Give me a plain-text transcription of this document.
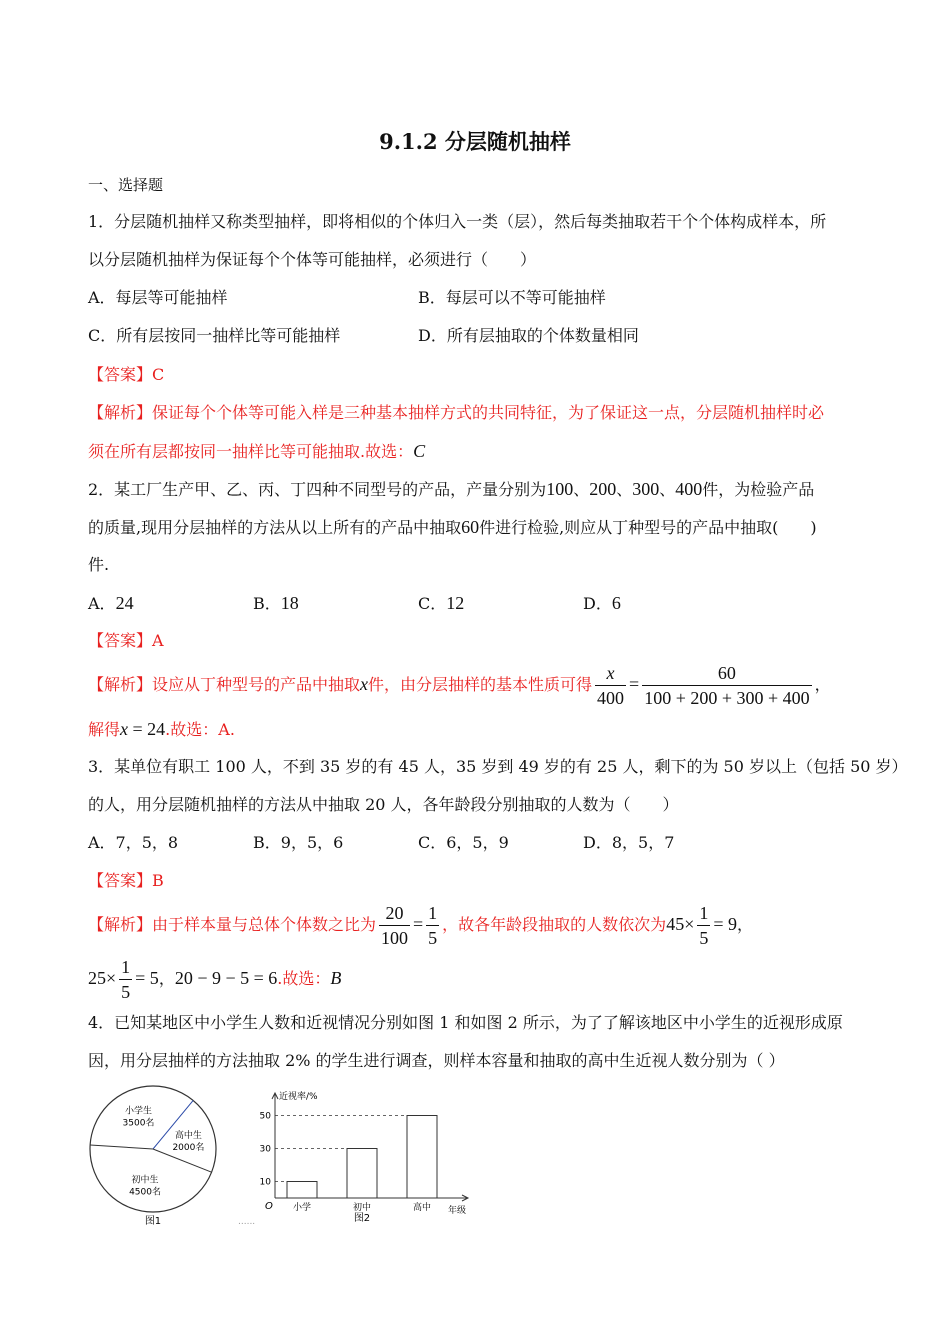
9.1.2 分层随机抽样
一、选择题
1．分层随机抽样又称类型抽样，即将相似的个体归入一类（层），然后每类抽取若干个个体构成样本，所
以分层随机抽样为保证每个个体等可能抽样，必须进行（　　）
A．每层等可能抽样	B．每层可以不等可能抽样
C．所有层按同一抽样比等可能抽样	D．所有层抽取的个体数量相同
【答案】C
【解析】保证每个个体等可能入样是三种基本抽样方式的共同特征，为了保证这一点，分层随机抽样时必
须在所有层都按同一抽样比等可能抽取.故选：C
2．某工厂生产甲、乙、丙、丁四种不同型号的产品，产量分别为100、200、300、400件，为检验产品
的质量,现用分层抽样的方法从以上所有的产品中抽取60件进行检验,则应从丁种型号的产品中抽取(　　)
件.
A．24	B．18	C．12	D．6
【答案】A
【解析】设应从丁种型号的产品中抽取x件，由分层抽样的基本性质可得 $\frac{x}{400} = \frac{60}{100 + 200 + 300 + 400}$ ，
解得x = 24.故选：A.
3．某单位有职工 100 人，不到 35 岁的有 45 人，35 岁到 49 岁的有 25 人，剩下的为 50 岁以上（包括 50 岁）
的人，用分层随机抽样的方法从中抽取 20 人，各年龄段分别抽取的人数为（　　）
A．7，5，8	B．9，5，6	C．6，5，9	D．8，5，7
【答案】B
【解析】由于样本量与总体个体数之比为 $\frac{20}{100} = \frac{1}{5}$ ，故各年龄段抽取的人数依次为$45\times \frac{1}{5} = 9$，
$25\times \frac{1}{5} = 5$，20 − 9 − 5 = 6.故选：B
4．已知某地区中小学生人数和近视情况分别如图 1 和如图 2 所示，为了了解该地区中小学生的近视形成原
因，用分层抽样的方法抽取 2% 的学生进行调查，则样本容量和抽取的高中生近视人数分别为（ ）
小学生
3500名
高中生
2000名
初中生
4500名
图1	......
近视率/%
年级
O 小学	初中	高中
10
30
50
图2
